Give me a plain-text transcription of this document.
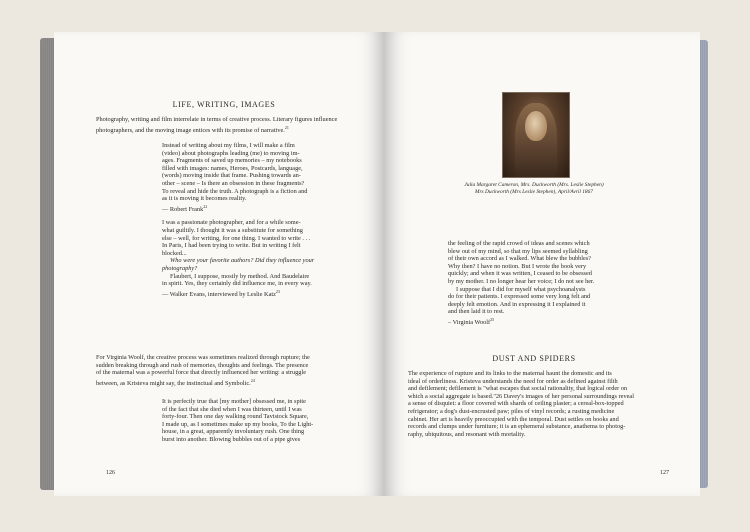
LIFE, WRITING, IMAGES
Photography, writing and film interrelate in terms of creative process. Literary figures influence photographers, and the moving image entices with its promise of narrative.$^{21}$

Instead of writing about my films, I will make a film

(video) about photographs leading (me) to moving im-

ages. Fragments of saved up memories – my notebooks

filled with images: names, Heroes, Postcards, language,

(words) moving inside that frame. Pushing towards an-

other – scene – Is there an obsession in these fragments?

To reveal and hide the truth. A photograph is a fiction and

as it is moving it becomes reality.

— Robert Frank$^{22}$

I was a passionate photographer, and for a while some-

what guiltily. I thought it was a substitute for something

else – well, for writing, for one thing. I wanted to write . . .

In Paris, I had been trying to write. But in writing I felt

blocked...

Who were your favorite authors? Did they influence your

photography?

Flaubert, I suppose, mostly by method. And Baudelaire

in spirit. Yes, they certainly did influence me, in every way.

— Walker Evans, interviewed by Leslie Katz$^{23}$

For Virginia Woolf, the creative process was sometimes realized through rupture; the

sudden breaking through and rush of memories, thoughts and feelings. The presence

of the maternal was a powerful force that directly influenced her writing: a struggle

between, as Kristeva might say, the instinctual and Symbolic.$^{24}$

It is perfectly true that [my mother] obsessed me, in spite

of the fact that she died when I was thirteen, until I was

forty-four. Then one day walking round Tavistock Square,

I made up, as I sometimes make up my books, To the Light-

house, in a great, apparently involuntary rush. One thing

burst into another. Blowing bubbles out of a pipe gives

126
Julia Margaret Cameron, Mrs. Duckworth (Mrs. Leslie Stephen)
Mrs Duckworth (Mrs Leslie Stephen), April/Avril 1867

the feeling of the rapid crowd of ideas and scenes which

blew out of my mind, so that my lips seemed syllabling

of their own accord as I walked. What blew the bubbles?

Why then? I have no notion. But I wrote the book very

quickly; and when it was written, I ceased to be obsessed

by my mother. I no longer hear her voice; I do not see her.

I suppose that I did for myself what psychoanalysts

do for their patients. I expressed some very long felt and

deeply felt emotion. And in expressing it I explained it

and then laid it to rest.

– Virginia Woolf$^{25}$

DUST AND SPIDERS

The experience of rupture and its links to the maternal haunt the domestic and its

ideal of orderliness. Kristeva understands the need for order as defined against filth

and defilement; defilement is "what escapes that social rationality, that logical order on

which a social aggregate is based."26 Davey's images of her personal surroundings reveal

a sense of disquiet: a floor covered with shards of ceiling plaster; a cereal-box-topped

refrigerator; a dog's dust-encrusted paw; piles of vinyl records; a rusting medicine

cabinet. Her art is heavily preoccupied with the temporal. Dust settles on books and

records and clumps under furniture; it is an ephemeral substance, anathema to photog-

raphy, ubiquitous, and resonant with mortality.

127
